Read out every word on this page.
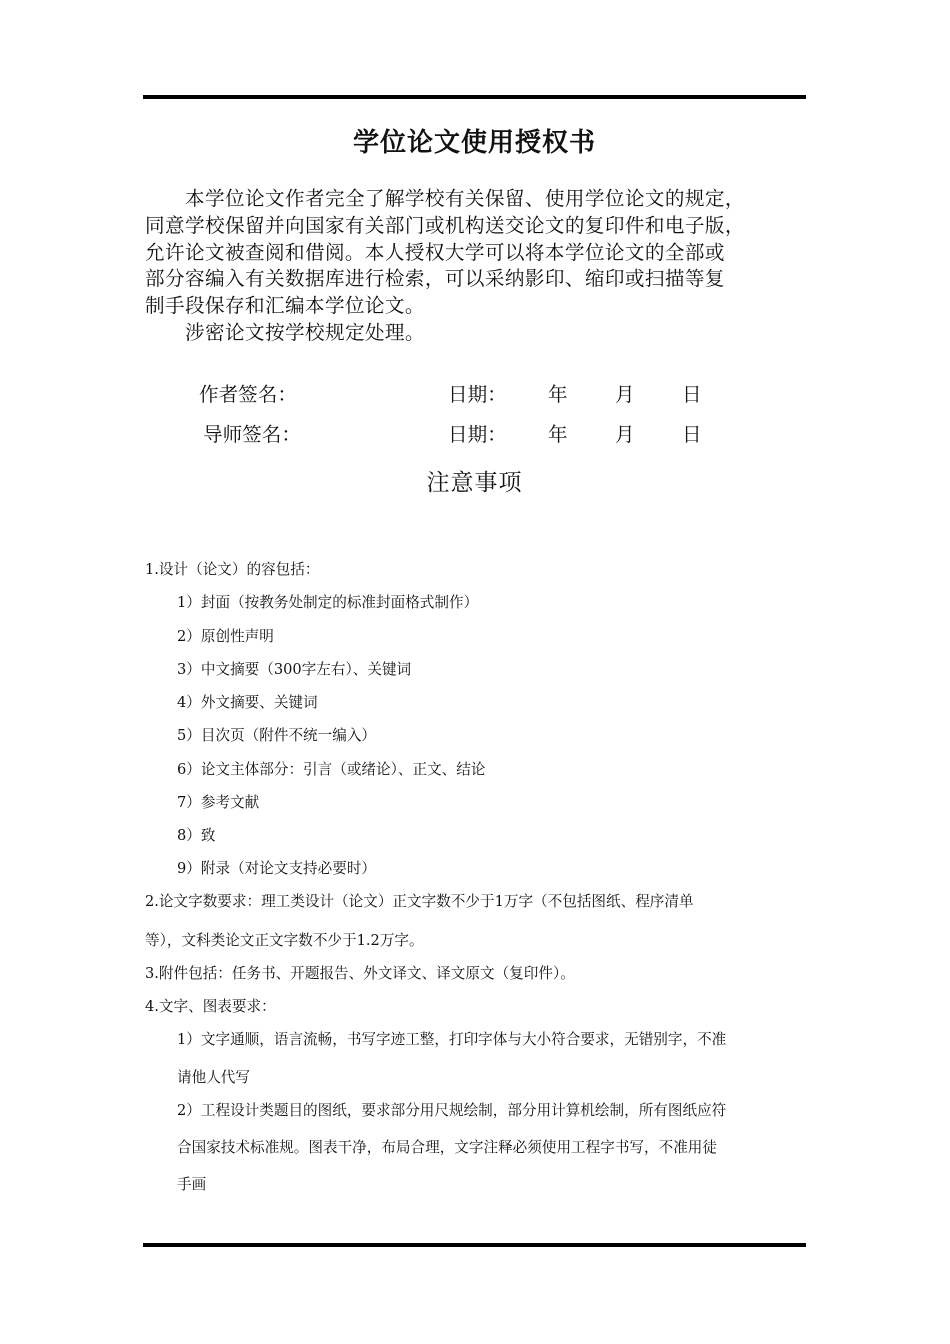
学位论文使用授权书
本学位论文作者完全了解学校有关保留、使用学位论文的规定，
同意学校保留并向国家有关部门或机构送交论文的复印件和电子版，
允许论文被查阅和借阅。本人授权大学可以将本学位论文的全部或
部分容编入有关数据库进行检索，可以采纳影印、缩印或扫描等复
制手段保存和汇编本学位论文。
涉密论文按学校规定处理。
作者签名：	日期： 年 月 日
导师签名：	日期： 年 月 日
注意事项
1.设计（论文）的容包括：
1）封面（按教务处制定的标准封面格式制作）
2）原创性声明
3）中文摘要（300字左右）、关键词
4）外文摘要、关键词
5）目次页（附件不统一编入）
6）论文主体部分：引言（或绪论）、正文、结论
7）参考文献
8）致
9）附录（对论文支持必要时）
2.论文字数要求：理工类设计（论文）正文字数不少于1万字（不包括图纸、程序清单
等），文科类论文正文字数不少于1.2万字。
3.附件包括：任务书、开题报告、外文译文、译文原文（复印件）。
4.文字、图表要求：
1）文字通顺，语言流畅，书写字迹工整，打印字体与大小符合要求，无错别字，不准
请他人代写
2）工程设计类题目的图纸，要求部分用尺规绘制，部分用计算机绘制，所有图纸应符
合国家技术标准规。图表干净，布局合理，文字注释必须使用工程字书写，不准用徒
手画
